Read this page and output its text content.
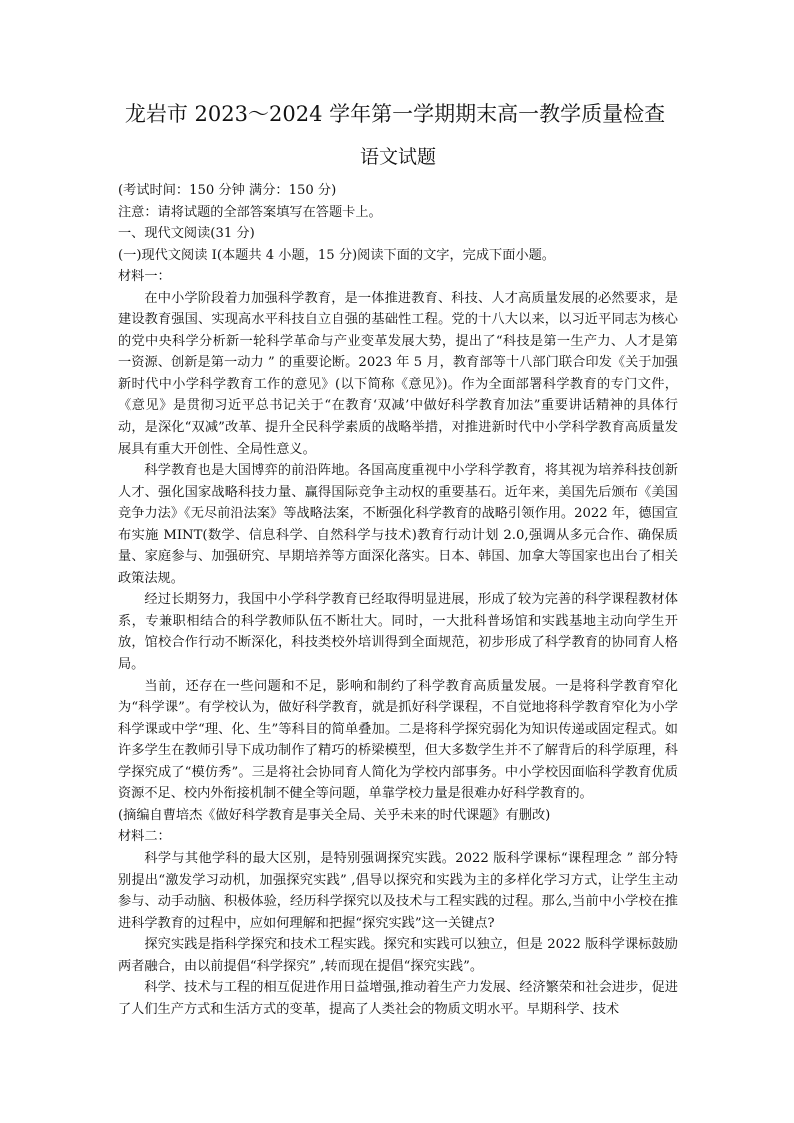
龙岩市 2023～2024 学年第一学期期末高一教学质量检查
语文试题

(考试时间：150 分钟 满分：150 分)

注意：请将试题的全部答案填写在答题卡上。

一、现代文阅读(31 分)

(一)现代文阅读 I(本题共 4 小题，15 分)阅读下面的文字，完成下面小题。

材料一：

在中小学阶段着力加强科学教育，是一体推进教育、科技、人才高质量发展的必然要求，是建设教育强国、实现高水平科技自立自强的基础性工程。党的十八大以来，以习近平同志为核心的党中央科学分析新一轮科学革命与产业变革发展大势，提出了“科技是第一生产力、人才是第一资源、创新是第一动力 ” 的重要论断。2023 年 5 月，教育部等十八部门联合印发《关于加强新时代中小学科学教育工作的意见》(以下简称《意见》)。作为全面部署科学教育的专门文件，《意见》是贯彻习近平总书记关于“在教育‘双减’中做好科学教育加法”重要讲话精神的具体行动，是深化“双减”改革、提升全民科学素质的战略举措，对推进新时代中小学科学教育高质量发展具有重大开创性、全局性意义。

科学教育也是大国博弈的前沿阵地。各国高度重视中小学科学教育，将其视为培养科技创新人才、强化国家战略科技力量、赢得国际竞争主动权的重要基石。近年来，美国先后颁布《美国竞争力法》《无尽前沿法案》等战略法案，不断强化科学教育的战略引领作用。2022 年，德国宣布实施 MINT(数学、信息科学、自然科学与技术)教育行动计划 2.0,强调从多元合作、确保质量、家庭参与、加强研究、早期培养等方面深化落实。日本、韩国、加拿大等国家也出台了相关政策法规。

经过长期努力，我国中小学科学教育已经取得明显进展，形成了较为完善的科学课程教材体系，专兼职相结合的科学教师队伍不断壮大。同时，一大批科普场馆和实践基地主动向学生开放，馆校合作行动不断深化，科技类校外培训得到全面规范，初步形成了科学教育的协同育人格局。

当前，还存在一些问题和不足，影响和制约了科学教育高质量发展。一是将科学教育窄化为“科学课”。有学校认为，做好科学教育，就是抓好科学课程，不自觉地将科学教育窄化为小学科学课或中学“理、化、生”等科目的简单叠加。二是将科学探究弱化为知识传递或固定程式。如许多学生在教师引导下成功制作了精巧的桥梁模型，但大多数学生并不了解背后的科学原理，科学探究成了“模仿秀”。三是将社会协同育人简化为学校内部事务。中小学校因面临科学教育优质资源不足、校内外衔接机制不健全等问题，单靠学校力量是很难办好科学教育的。

(摘编自曹培杰《做好科学教育是事关全局、关乎未来的时代课题》有删改)

材料二：

科学与其他学科的最大区别，是特别强调探究实践。2022 版科学课标“课程理念 ” 部分特别提出“激发学习动机，加强探究实践” ,倡导以探究和实践为主的多样化学习方式，让学生主动参与、动手动脑、积极体验，经历科学探究以及技术与工程实践的过程。那么,当前中小学校在推进科学教育的过程中，应如何理解和把握“探究实践”这一关键点?

探究实践是指科学探究和技术工程实践。探究和实践可以独立，但是 2022 版科学课标鼓励两者融合，由以前提倡“科学探究” ,转而现在提倡“探究实践”。

科学、技术与工程的相互促进作用日益增强,推动着生产力发展、经济繁荣和社会进步，促进了人们生产方式和生活方式的变革，提高了人类社会的物质文明水平。早期科学、技术
